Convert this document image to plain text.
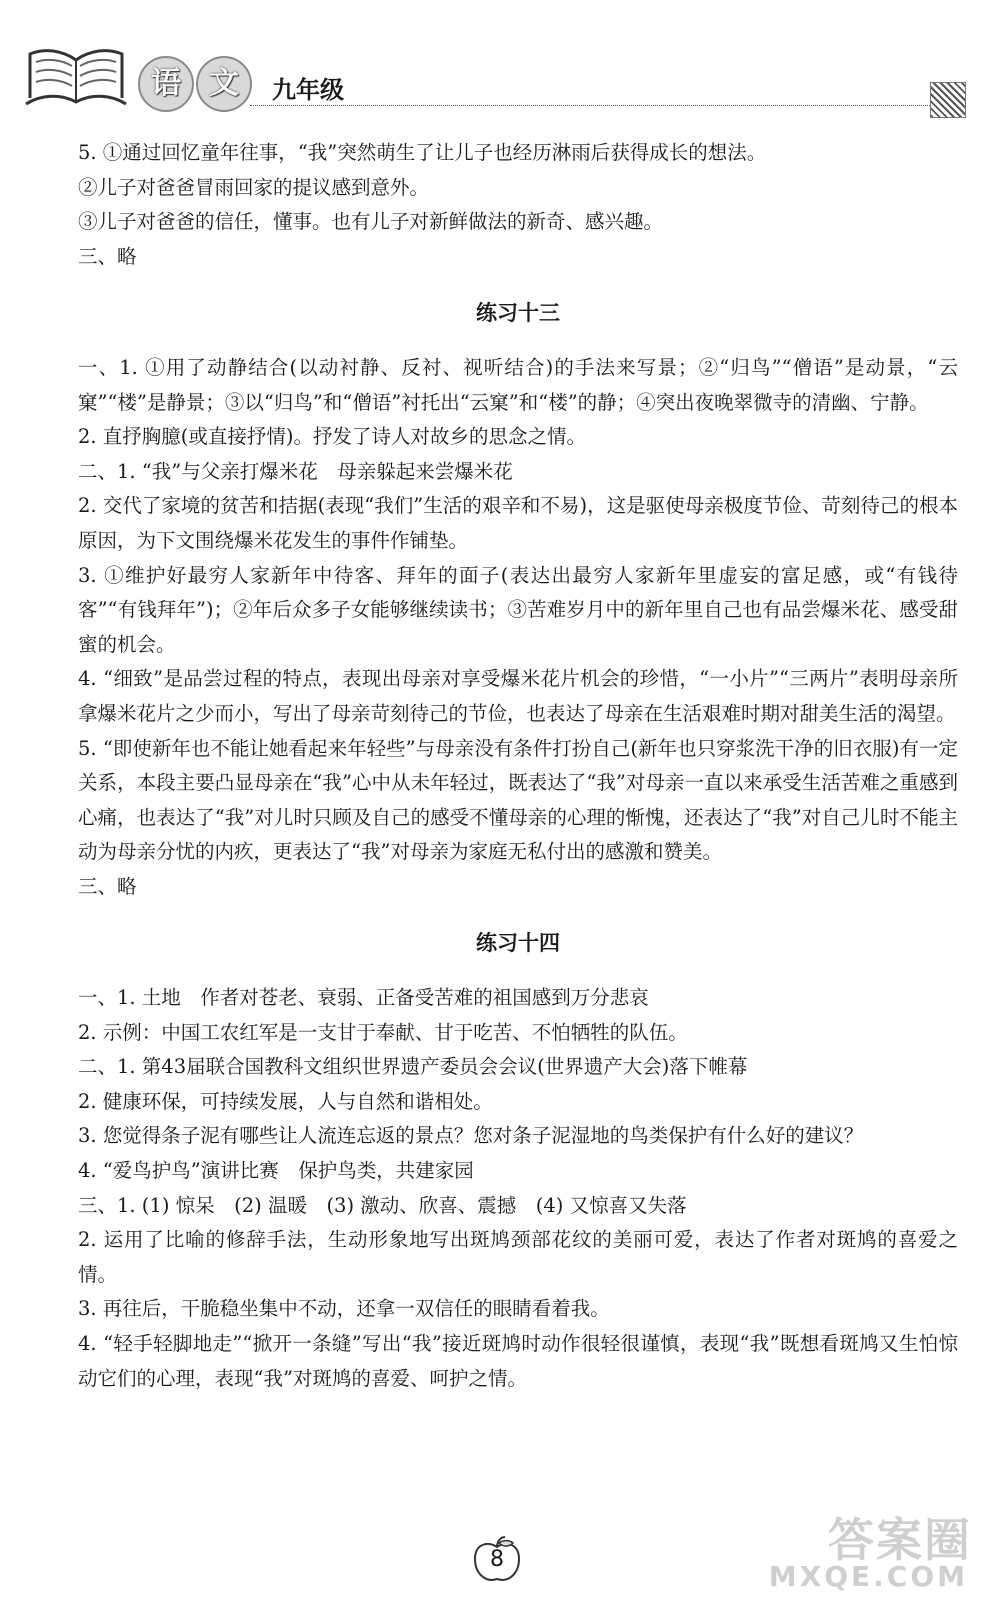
语 文	九年级

5. ①通过回忆童年往事，“我”突然萌生了让儿子也经历淋雨后获得成长的想法。

②儿子对爸爸冒雨回家的提议感到意外。

③儿子对爸爸的信任，懂事。也有儿子对新鲜做法的新奇、感兴趣。

三、略

练习十三

一、1. ①用了动静结合(以动衬静、反衬、视听结合)的手法来写景；②“归鸟”“僧语”是动景，“云窠”“楼”是静景；③以“归鸟”和“僧语”衬托出“云窠”和“楼”的静；④突出夜晚翠微寺的清幽、宁静。

2. 直抒胸臆(或直接抒情)。抒发了诗人对故乡的思念之情。

二、1. “我”与父亲打爆米花　母亲躲起来尝爆米花

2. 交代了家境的贫苦和拮据(表现“我们”生活的艰辛和不易)，这是驱使母亲极度节俭、苛刻待己的根本原因，为下文围绕爆米花发生的事件作铺垫。

3. ①维护好最穷人家新年中待客、拜年的面子(表达出最穷人家新年里虚妄的富足感，或“有钱待客”“有钱拜年”)；②年后众多子女能够继续读书；③苦难岁月中的新年里自己也有品尝爆米花、感受甜蜜的机会。

4. “细致”是品尝过程的特点，表现出母亲对享受爆米花片机会的珍惜，“一小片”“三两片”表明母亲所拿爆米花片之少而小，写出了母亲苛刻待己的节俭，也表达了母亲在生活艰难时期对甜美生活的渴望。

5. “即使新年也不能让她看起来年轻些”与母亲没有条件打扮自己(新年也只穿浆洗干净的旧衣服)有一定关系，本段主要凸显母亲在“我”心中从未年轻过，既表达了“我”对母亲一直以来承受生活苦难之重感到心痛，也表达了“我”对儿时只顾及自己的感受不懂母亲的心理的惭愧，还表达了“我”对自己儿时不能主动为母亲分忧的内疚，更表达了“我”对母亲为家庭无私付出的感激和赞美。

三、略

练习十四

一、1. 土地　作者对苍老、衰弱、正备受苦难的祖国感到万分悲哀

2. 示例：中国工农红军是一支甘于奉献、甘于吃苦、不怕牺牲的队伍。

二、1. 第43届联合国教科文组织世界遗产委员会会议(世界遗产大会)落下帷幕

2. 健康环保，可持续发展，人与自然和谐相处。

3. 您觉得条子泥有哪些让人流连忘返的景点？您对条子泥湿地的鸟类保护有什么好的建议？

4. “爱鸟护鸟”演讲比赛　保护鸟类，共建家园

三、1. (1) 惊呆　(2) 温暖　(3) 激动、欣喜、震撼　(4) 又惊喜又失落

2. 运用了比喻的修辞手法，生动形象地写出斑鸠颈部花纹的美丽可爱，表达了作者对斑鸠的喜爱之情。

3. 再往后，干脆稳坐集中不动，还拿一双信任的眼睛看着我。

4. “轻手轻脚地走”“掀开一条缝”写出“我”接近斑鸠时动作很轻很谨慎，表现“我”既想看斑鸠又生怕惊动它们的心理，表现“我”对斑鸠的喜爱、呵护之情。

8	答案圈
MXQE.COM
